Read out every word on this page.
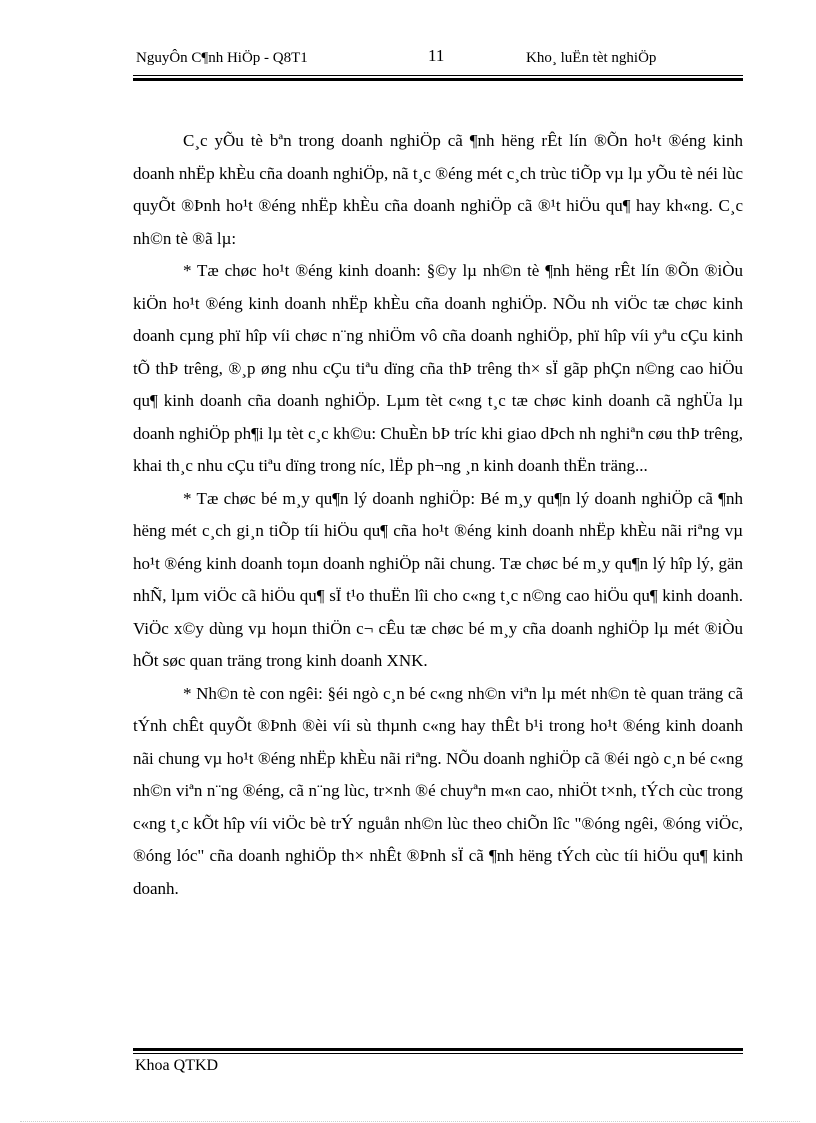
NguyÔn C¶nh HiÖp - Q8T1	11	Kho¸ luËn tèt nghiÖp

C¸c yÕu tè bªn trong doanh nghiÖp cã ¶nh hëng rÊt lín ®Õn ho¹t ®éng kinh doanh nhËp khÈu cña doanh nghiÖp, nã t¸c ®éng mét c¸ch trùc tiÕp vµ lµ yÕu tè néi lùc quyÕt ®Þnh ho¹t ®éng nhËp khÈu cña doanh nghiÖp cã ®¹t hiÖu qu¶ hay kh«ng. C¸c nh©n tè ®ã lµ:

* Tæ chøc ho¹t ®éng kinh doanh: §©y lµ nh©n tè ¶nh hëng rÊt lín ®Õn ®iÒu kiÖn ho¹t ®éng kinh doanh nhËp khÈu cña doanh nghiÖp. NÕu nh viÖc tæ chøc kinh doanh cµng phï hîp víi chøc n¨ng nhiÖm vô cña doanh nghiÖp, phï hîp víi yªu cÇu kinh tÕ thÞ trêng, ®¸p øng nhu cÇu tiªu dïng cña thÞ trêng th× sÏ gãp phÇn n©ng cao hiÖu qu¶ kinh doanh cña doanh nghiÖp. Lµm tèt c«ng t¸c tæ chøc kinh doanh cã nghÜa lµ doanh nghiÖp ph¶i lµ tèt c¸c kh©u: ChuÈn bÞ tríc khi giao dÞch nh nghiªn cøu thÞ trêng, khai th¸c nhu cÇu tiªu dïng trong níc, lËp ph¬ng ¸n kinh doanh thËn träng...

* Tæ chøc bé m¸y qu¶n lý doanh nghiÖp: Bé m¸y qu¶n lý doanh nghiÖp cã ¶nh hëng mét c¸ch gi¸n tiÕp tíi hiÖu qu¶ cña ho¹t ®éng kinh doanh nhËp khÈu nãi riªng vµ ho¹t ®éng kinh doanh toµn doanh nghiÖp nãi chung. Tæ chøc bé m¸y qu¶n lý hîp lý, gän nhÑ, lµm viÖc cã hiÖu qu¶ sÏ t¹o thuËn lîi cho c«ng t¸c n©ng cao hiÖu qu¶ kinh doanh. ViÖc x©y dùng vµ hoµn thiÖn c¬ cÊu tæ chøc bé m¸y cña doanh nghiÖp lµ mét ®iÒu hÕt søc quan träng trong kinh doanh XNK.

* Nh©n tè con ngêi: §éi ngò c¸n bé c«ng nh©n viªn lµ mét nh©n tè quan träng cã tÝnh chÊt quyÕt ®Þnh ®èi víi sù thµnh c«ng hay thÊt b¹i trong ho¹t ®éng kinh doanh nãi chung vµ ho¹t ®éng nhËp khÈu nãi riªng. NÕu doanh nghiÖp cã ®éi ngò c¸n bé c«ng nh©n viªn n¨ng ®éng, cã n¨ng lùc, tr×nh ®é chuyªn m«n cao, nhiÖt t×nh, tÝch cùc trong c«ng t¸c kÕt hîp víi viÖc bè trÝ nguån nh©n lùc theo chiÕn lîc "®óng ngêi, ®óng viÖc, ®óng lóc" cña doanh nghiÖp th× nhÊt ®Þnh sÏ cã ¶nh hëng tÝch cùc tíi hiÖu qu¶ kinh doanh.

Khoa QTKD
